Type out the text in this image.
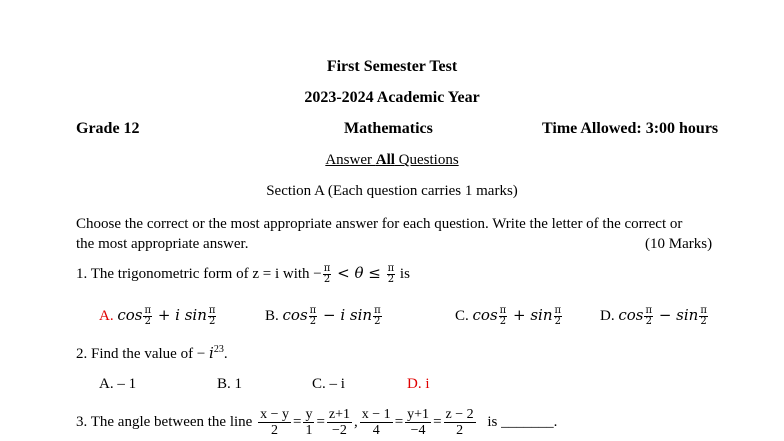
First Semester Test
2023-2024 Academic Year
Grade 12	Mathematics	Time Allowed: 3:00 hours
Answer All Questions
Section A (Each question carries 1 marks)
Choose the correct or the most appropriate answer for each question. Write the letter of the correct or
the most appropriate answer.	(10 Marks)
1. The trigonometric form of z = i with − $\frac{\pi}{2} < \theta \le \frac{\pi}{2}$ is
A. $\cos \frac{\pi}{2} + i$ $\sin \frac{\pi}{2}$	B. $\cos \frac{\pi}{2} - i$ $\sin \frac{\pi}{2}$	C. $\cos \frac{\pi}{2} + \sin \frac{\pi}{2}$	D. $\cos \frac{\pi}{2} - \sin \frac{\pi}{2}$
2. Find the value of − $i^{23}$.
A. – 1	B. 1	C. – i	D. i
3. The angle between the line $\frac{x - y}{2} = \frac{y}{1} = \frac{z+1}{-2}$ , $\frac{x - 1}{4} = \frac{y+1}{-4} = \frac{z - 2}{2}$ is _______.
